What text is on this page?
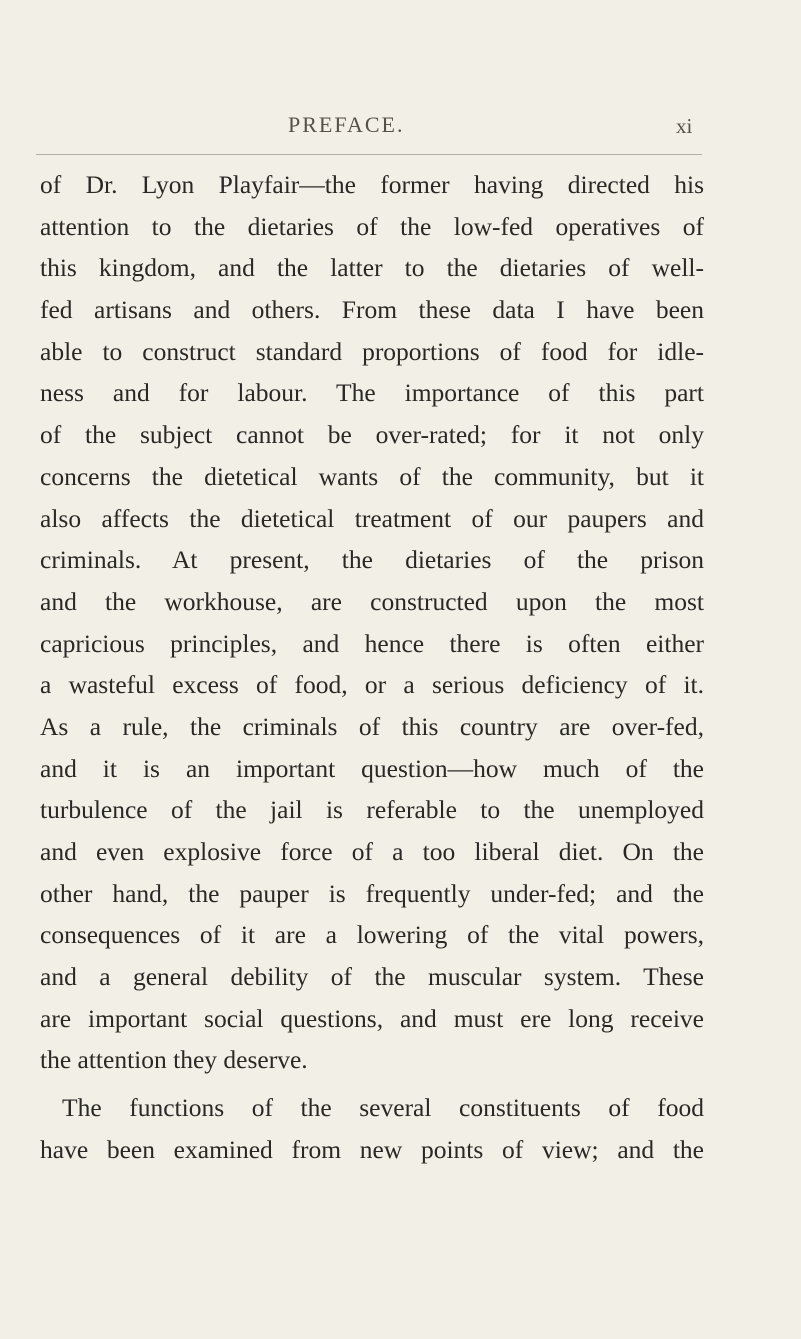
PREFACE.	xi
of Dr. Lyon Playfair—the former having directed his
attention to the dietaries of the low-fed operatives of
this kingdom, and the latter to the dietaries of well-
fed artisans and others. From these data I have been
able to construct standard proportions of food for idle-
ness and for labour. The importance of this part
of the subject cannot be over-rated; for it not only
concerns the dietetical wants of the community, but it
also affects the dietetical treatment of our paupers and
criminals. At present, the dietaries of the prison
and the workhouse, are constructed upon the most
capricious principles, and hence there is often either
a wasteful excess of food, or a serious deficiency of it.
As a rule, the criminals of this country are over-fed,
and it is an important question—how much of the
turbulence of the jail is referable to the unemployed
and even explosive force of a too liberal diet. On the
other hand, the pauper is frequently under-fed; and the
consequences of it are a lowering of the vital powers,
and a general debility of the muscular system. These
are important social questions, and must ere long receive
the attention they deserve.
The functions of the several constituents of food
have been examined from new points of view; and the
